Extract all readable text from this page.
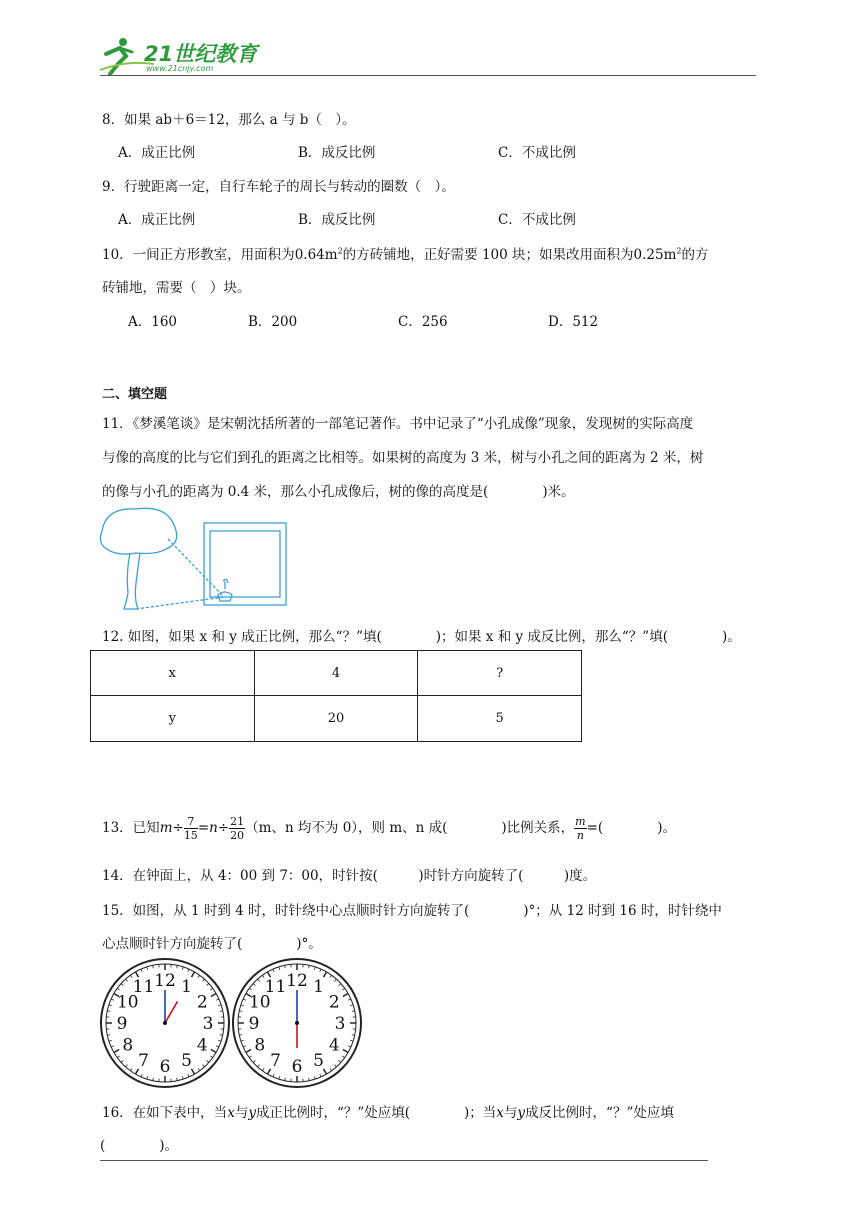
21世纪教育
www.21cnjy.com
8．如果 ab＋6＝12，那么 a 与 b（　）。
A．成正比例	B．成反比例	C．不成比例
9．行驶距离一定，自行车轮子的周长与转动的圈数（　）。
A．成正比例	B．成反比例	C．不成比例
10．一间正方形教室，用面积为$0.64m^2$的方砖铺地，正好需要 100 块；如果改用面积为$0.25m^2$的方
砖铺地，需要（　）块。
A．160	B．200	C．256	D．512
二、填空题
11．《梦溪笔谈》是宋朝沈括所著的一部笔记著作。书中记录了“小孔成像”现象，发现树的实际高度
与像的高度的比与它们到孔的距离之比相等。如果树的高度为 3 米，树与小孔之间的距离为 2 米，树
的像与小孔的距离为 0.4 米，那么小孔成像后，树的像的高度是(　　　　)米。
12. 如图，如果 x 和 y 成正比例，那么“？”填(　　　　)；如果 x 和 y 成反比例，那么“？”填(　　　　)。
x	4	?
y	20	5
13．已知$m\div \frac{7}{15} =n\div \frac{21}{20} (m$、n 均不为 0），则 m、n 成(　　　　)比例关系， $\frac{m}{n}$ =(　　　　)。
14．在钟面上，从 4：00 到 7：00，时针按(　　　)时针方向旋转了(　　　)度。
15．如图，从 1 时到 4 时，时针绕中心点顺时针方向旋转了(　　　　)°；从 12 时到 16 时，时针绕中
心点顺时针方向旋转了(　　　　)°。
12 1
2
3
4
5
6
7
8
9
10
11	12 1
2
3
4
5
6
7
8
9
10
11
16．在如下表中，当x与y成正比例时，“？”处应填(　　　　)；当x与y成反比例时，“？”处应填
(　　　　)。
